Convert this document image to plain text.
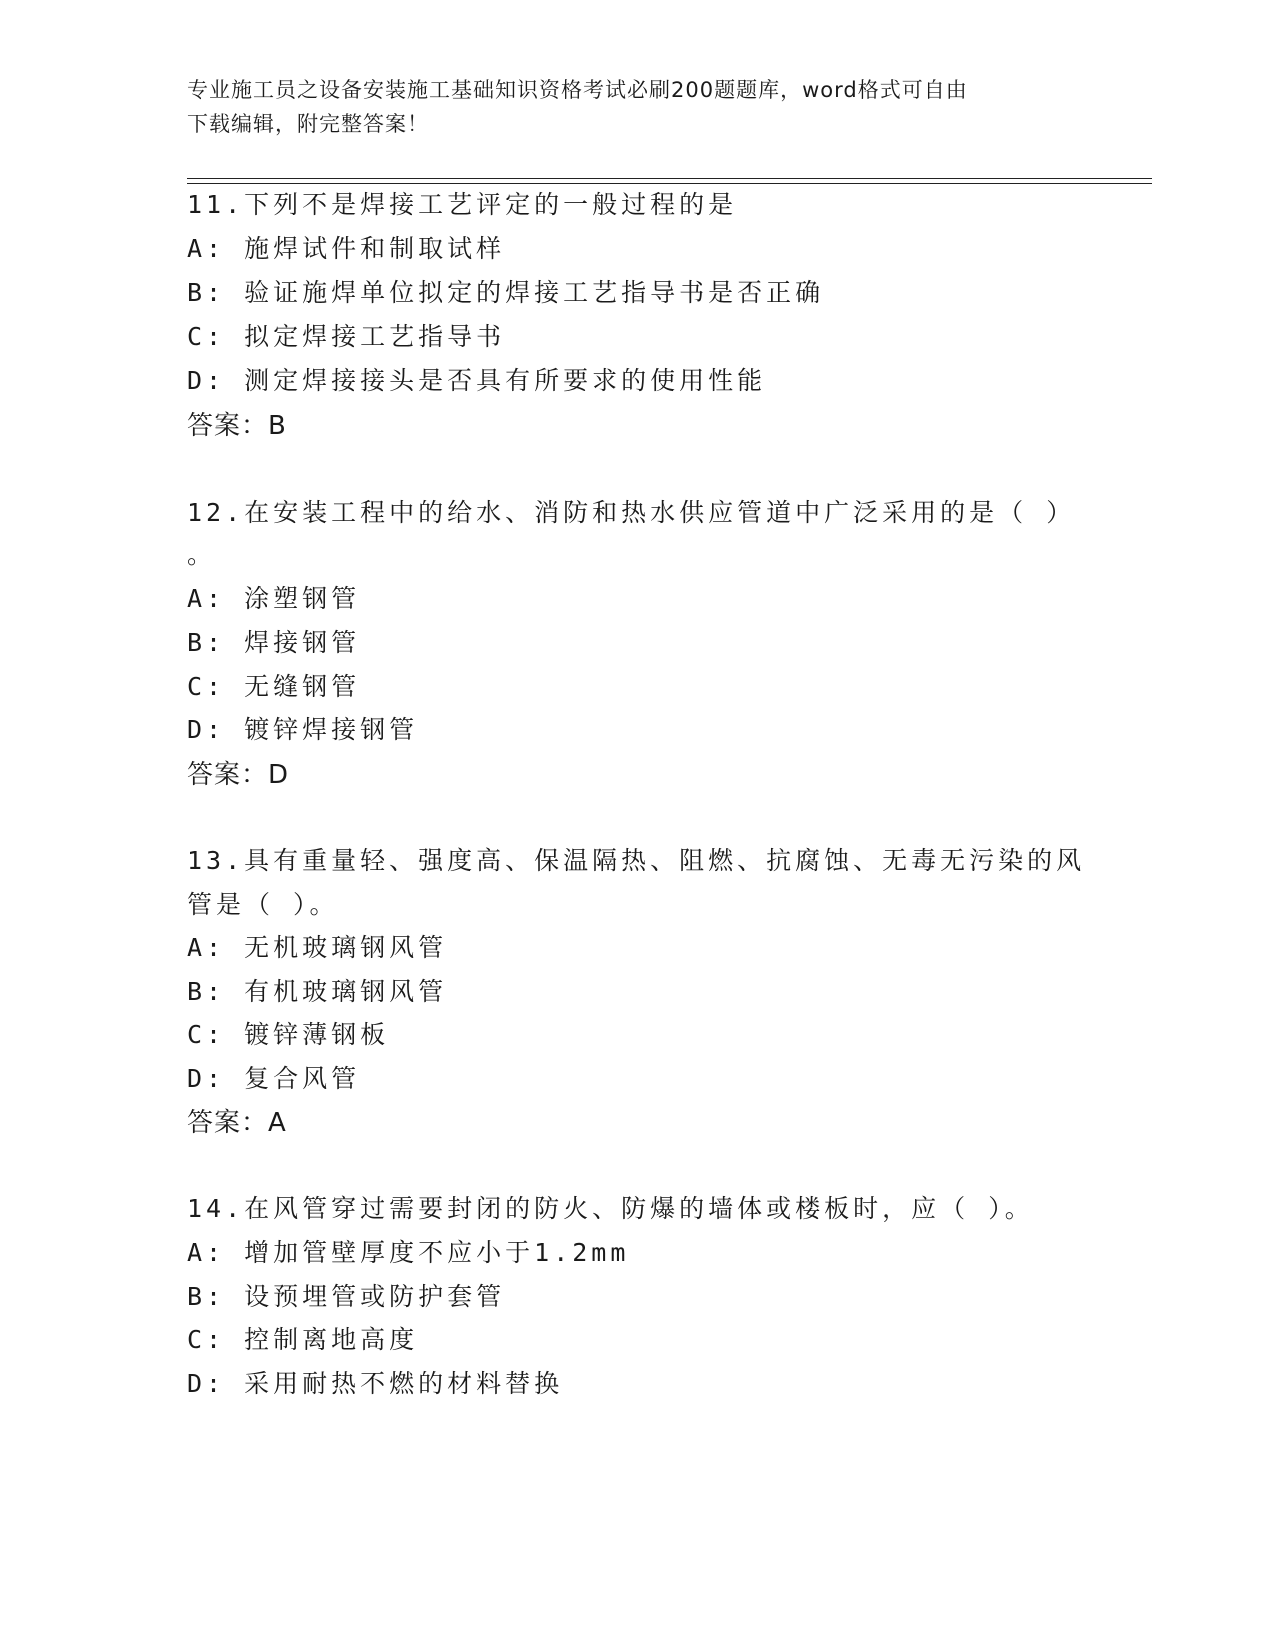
专业施工员之设备安装施工基础知识资格考试必刷200题题库，word格式可自由
下载编辑，附完整答案！
11.下列不是焊接工艺评定的一般过程的是
A: 施焊试件和制取试样
B: 验证施焊单位拟定的焊接工艺指导书是否正确
C: 拟定焊接工艺指导书
D: 测定焊接接头是否具有所要求的使用性能
答案：B
12.在安装工程中的给水、消防和热水供应管道中广泛采用的是（ ）
。
A: 涂塑钢管
B: 焊接钢管
C: 无缝钢管
D: 镀锌焊接钢管
答案：D
13.具有重量轻、强度高、保温隔热、阻燃、抗腐蚀、无毒无污染的风
管是（ ）。
A: 无机玻璃钢风管
B: 有机玻璃钢风管
C: 镀锌薄钢板
D: 复合风管
答案：A
14.在风管穿过需要封闭的防火、防爆的墙体或楼板时，应（ ）。
A: 增加管壁厚度不应小于1.2mm
B: 设预埋管或防护套管
C: 控制离地高度
D: 采用耐热不燃的材料替换
